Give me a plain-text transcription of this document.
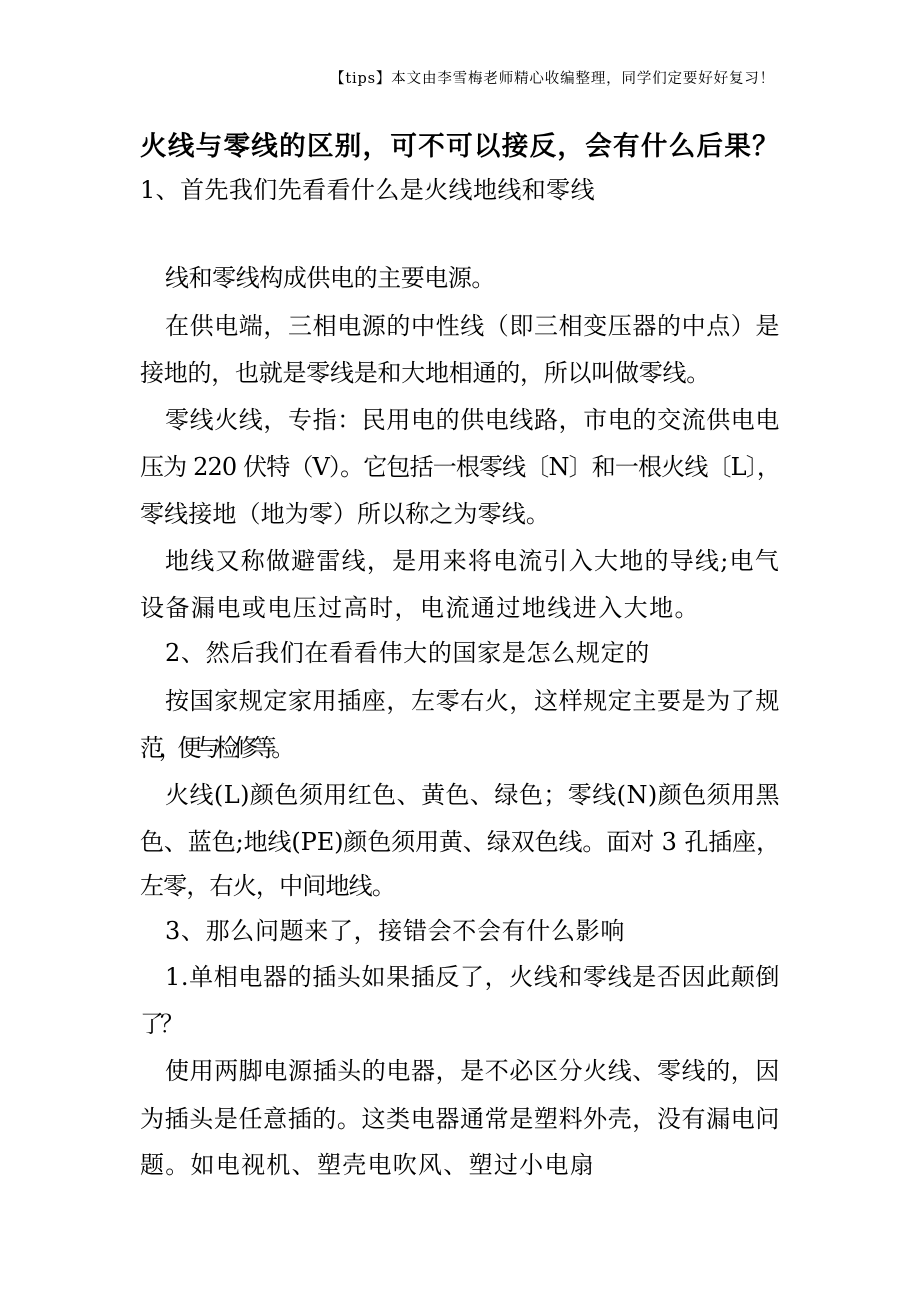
【tips】本文由李雪梅老师精心收编整理，同学们定要好好复习！
火线与零线的区别，可不可以接反，会有什么后果？
1、首先我们先看看什么是火线地线和零线
线和零线构成供电的主要电源。
在供电端，三相电源的中性线（即三相变压器的中点）是
接地的，也就是零线是和大地相通的，所以叫做零线。
零线火线，专指：民用电的供电线路，市电的交流供电电
压为 220 伏特（V）。它包括一根零线〔N〕和一根火线〔L〕，
零线接地（地为零）所以称之为零线。
地线又称做避雷线，是用来将电流引入大地的导线;电气
设备漏电或电压过高时，电流通过地线进入大地。
2、然后我们在看看伟大的国家是怎么规定的
按国家规定家用插座，左零右火，这样规定主要是为了规
范，便与检修等。
火线(L)颜色须用红色、黄色、绿色；零线(N)颜色须用黑
色、蓝色;地线(PE)颜色须用黄、绿双色线。面对 3 孔插座，
左零，右火，中间地线。
3、那么问题来了，接错会不会有什么影响
1.单相电器的插头如果插反了，火线和零线是否因此颠倒
了？
使用两脚电源插头的电器，是不必区分火线、零线的，因
为插头是任意插的。这类电器通常是塑料外壳，没有漏电问
题。如电视机、塑壳电吹风、塑过小电扇
